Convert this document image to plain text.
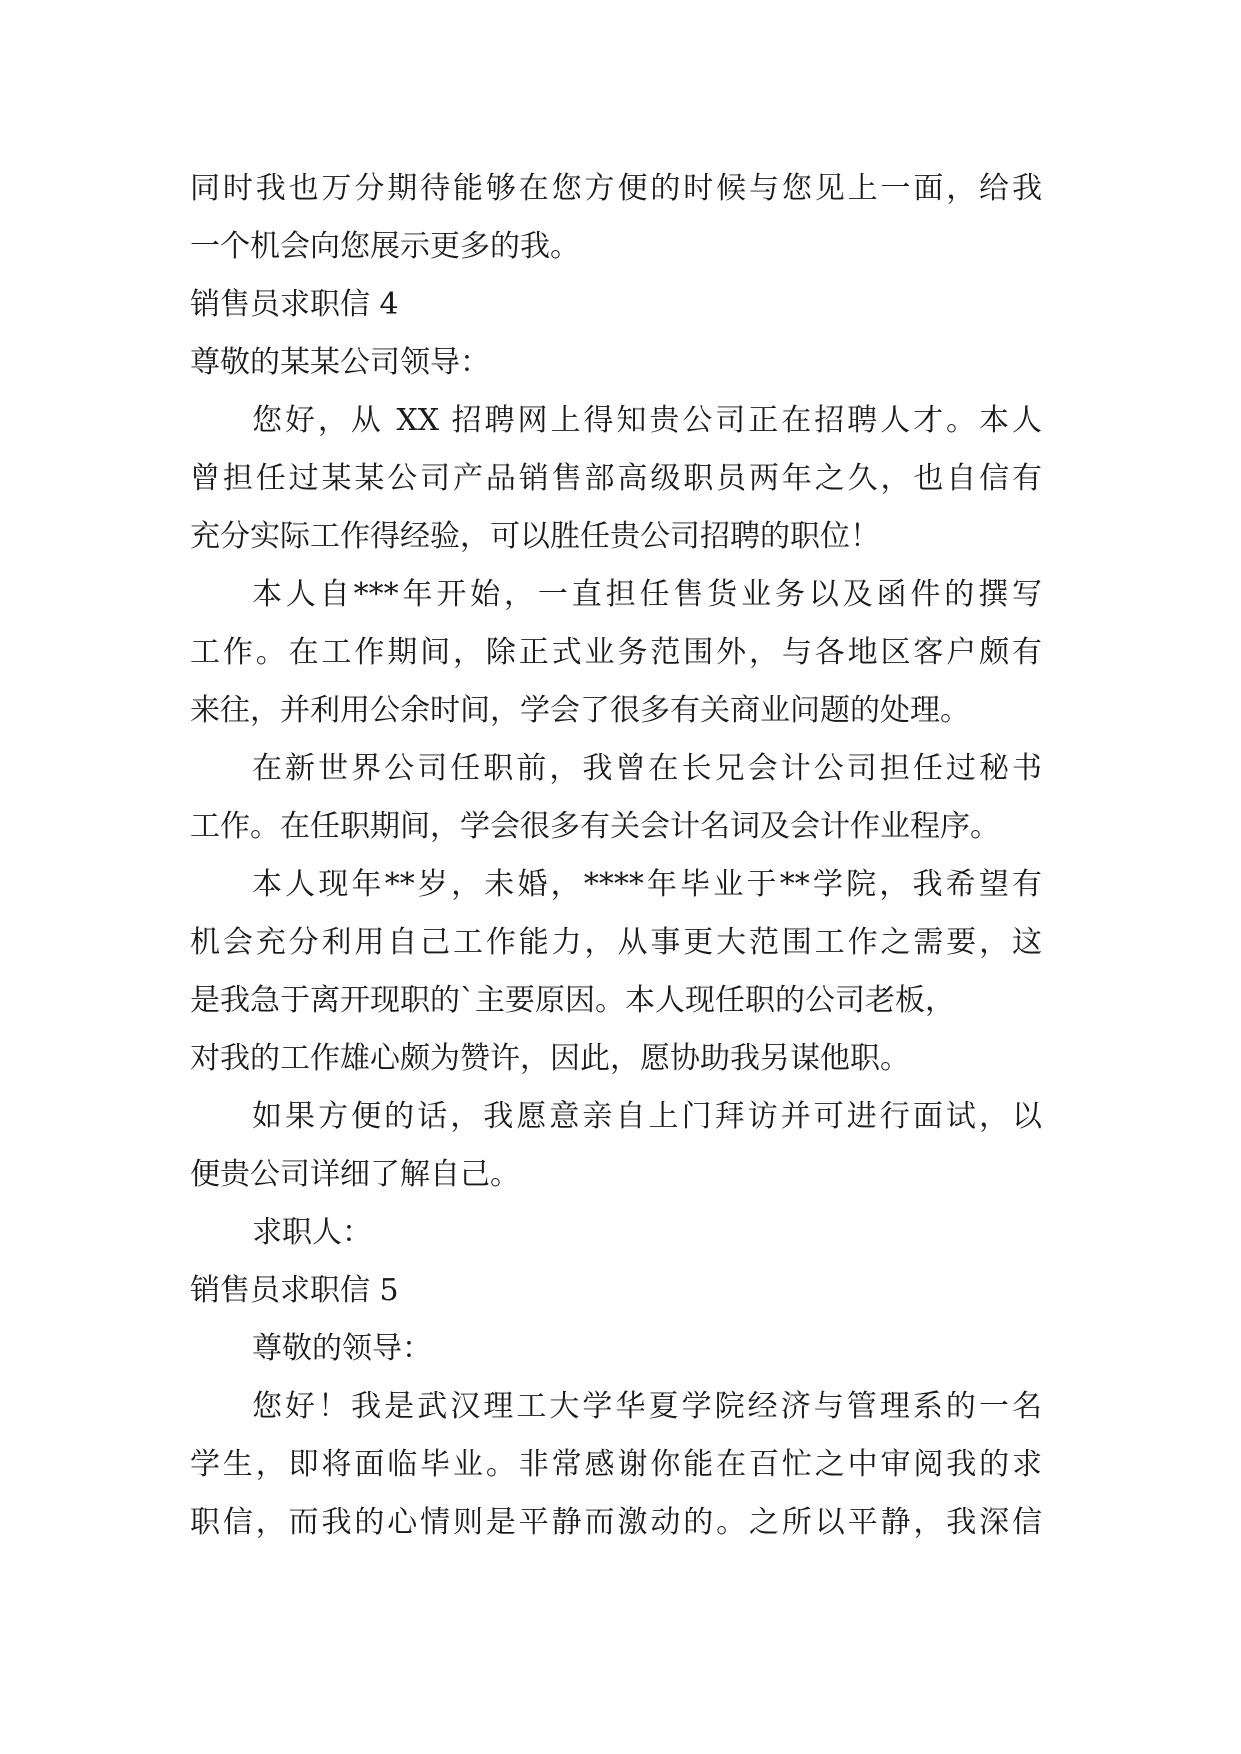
同时我也万分期待能够在您方便的时候与您见上一面，给我
一个机会向您展示更多的我。
销售员求职信 4
尊敬的某某公司领导：
您好，从 XX 招聘网上得知贵公司正在招聘人才。本人
曾担任过某某公司产品销售部高级职员两年之久，也自信有
充分实际工作得经验，可以胜任贵公司招聘的职位！
本人自***年开始，一直担任售货业务以及函件的撰写
工作。在工作期间，除正式业务范围外，与各地区客户颇有
来往，并利用公余时间，学会了很多有关商业问题的处理。
在新世界公司任职前，我曾在长兄会计公司担任过秘书
工作。在任职期间，学会很多有关会计名词及会计作业程序。
本人现年**岁，未婚，****年毕业于**学院，我希望有
机会充分利用自己工作能力，从事更大范围工作之需要，这
是我急于离开现职的`主要原因。本人现任职的公司老板，
对我的工作雄心颇为赞许，因此，愿协助我另谋他职。
如果方便的话，我愿意亲自上门拜访并可进行面试，以
便贵公司详细了解自己。
求职人：
销售员求职信 5
尊敬的领导：
您好！我是武汉理工大学华夏学院经济与管理系的一名
学生，即将面临毕业。非常感谢你能在百忙之中审阅我的求
职信，而我的心情则是平静而激动的。之所以平静，我深信
